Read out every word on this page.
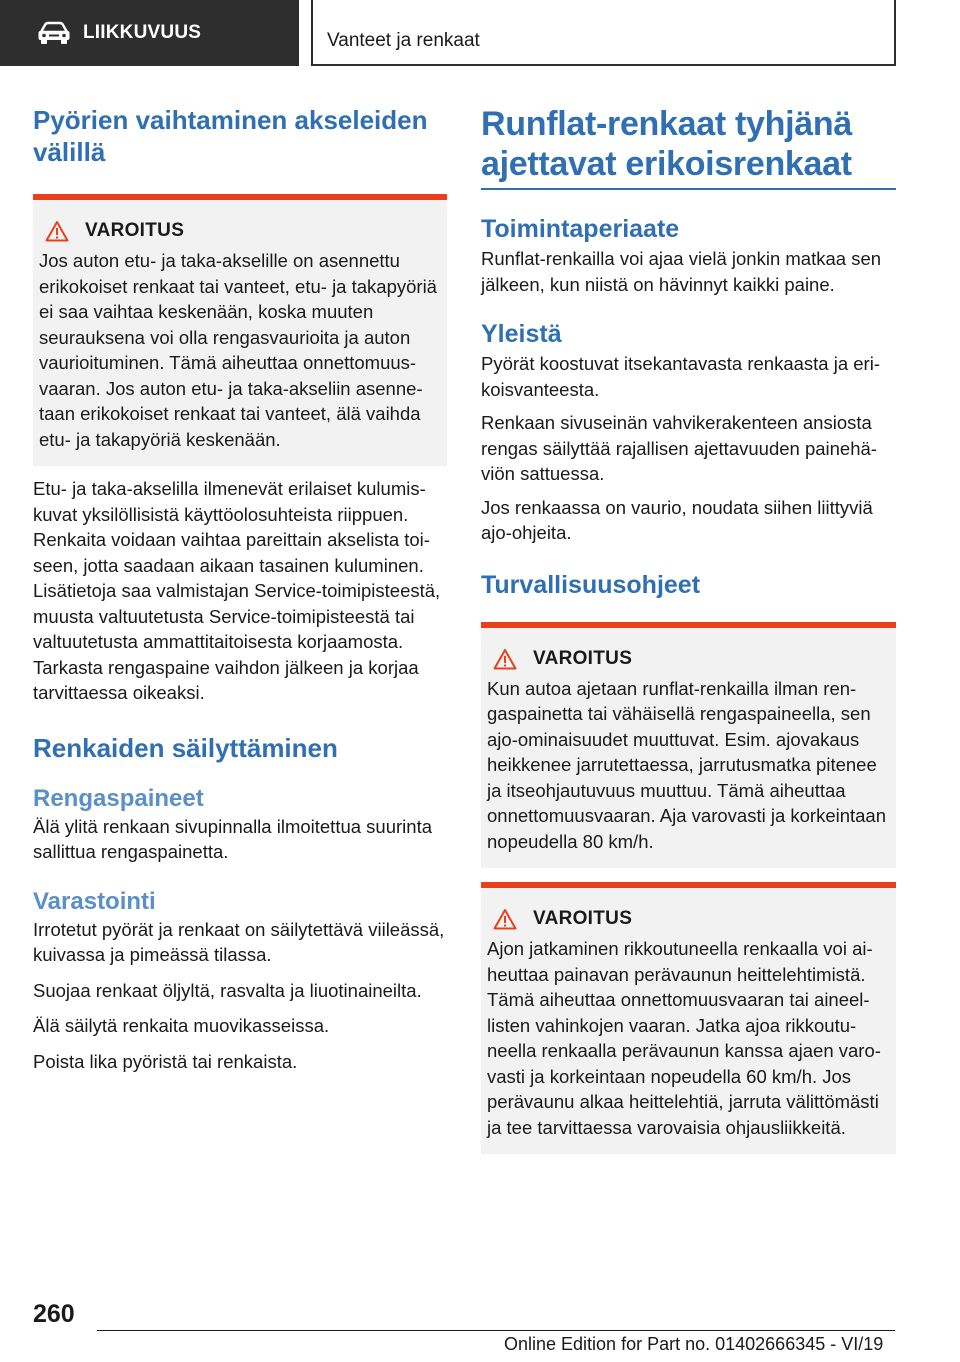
LIIKKUVUUS	Vanteet ja renkaat
Pyörien vaihtaminen akseleiden välillä
VAROITUS

Jos auton etu- ja taka-akselille on asennettu erikokoiset renkaat tai vanteet, etu- ja takapyöriä ei saa vaihtaa keskenään, koska muuten seurauksena voi olla rengasvaurioita ja auton vaurioituminen. Tämä aiheuttaa onnettomuusvaaran. Jos auton etu- ja taka-akseliin asennetaan erikokoiset renkaat tai vanteet, älä vaihda etu- ja takapyöriä keskenään.

Etu- ja taka-akselilla ilmenevät erilaiset kulumiskuvat yksilöllisistä käyttöolosuhteista riippuen. Renkaita voidaan vaihtaa pareittain akselista toiseen, jotta saadaan aikaan tasainen kuluminen. Lisätietoja saa valmistajan Service-toimipisteestä, muusta valtuutetusta Service-toimipisteestä tai valtuutetusta ammattitaitoisesta korjaamosta. Tarkasta rengaspaine vaihdon jälkeen ja korjaa tarvittaessa oikeaksi.

Renkaiden säilyttäminen
Rengaspaineet

Älä ylitä renkaan sivupinnalla ilmoitettua suurinta sallittua rengaspainetta.

Varastointi

Irrotetut pyörät ja renkaat on säilytettävä viileässä, kuivassa ja pimeässä tilassa.

Suojaa renkaat öljyltä, rasvalta ja liuotinaineilta.

Älä säilytä renkaita muovikasseissa.

Poista lika pyöristä tai renkaista.

Runflat-renkaat tyhjänä ajettavat erikoisrenkaat
Toimintaperiaate

Runflat-renkailla voi ajaa vielä jonkin matkaa sen jälkeen, kun niistä on hävinnyt kaikki paine.

Yleistä

Pyörät koostuvat itsekantavasta renkaasta ja erikoisvanteesta.

Renkaan sivuseinän vahvikerakenteen ansiosta rengas säilyttää rajallisen ajettavuuden painehäviön sattuessa.

Jos renkaassa on vaurio, noudata siihen liittyviä ajo-ohjeita.

Turvallisuusohjeet
VAROITUS

Kun autoa ajetaan runflat-renkailla ilman rengaspainetta tai vähäisellä rengaspaineella, sen ajo-ominaisuudet muuttuvat. Esim. ajovakaus heikkenee jarrutettaessa, jarrutusmatka pitenee ja itseohjautuvuus muuttuu. Tämä aiheuttaa onnettomuusvaaran. Aja varovasti ja korkeintaan nopeudella 80 km/h.

VAROITUS

Ajon jatkaminen rikkoutuneella renkaalla voi aiheuttaa painavan perävaunun heittelehtimistä. Tämä aiheuttaa onnettomuusvaaran tai aineellisten vahinkojen vaaran. Jatka ajoa rikkoutuneella renkaalla perävaunun kanssa ajaen varovasti ja korkeintaan nopeudella 60 km/h. Jos perävaunu alkaa heittelehtiä, jarruta välittömästi ja tee tarvittaessa varovaisia ohjausliikkeitä.

260
Online Edition for Part no. 01402666345 - VI/19
